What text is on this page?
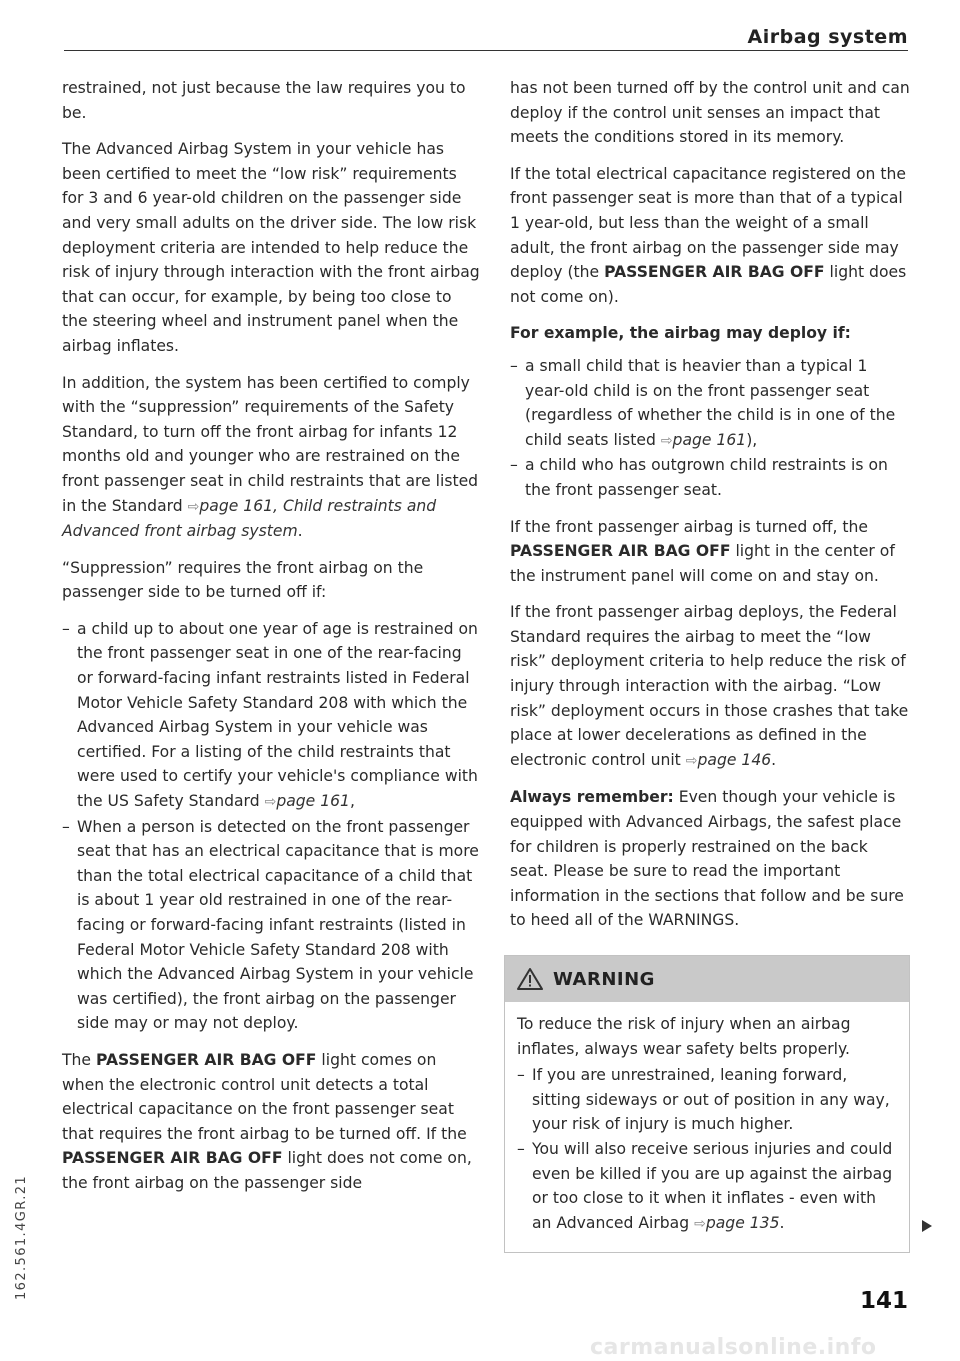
Airbag system

restrained, not just because the law requires you to be.

The Advanced Airbag System in your vehicle has been certified to meet the “low risk” requirements for 3 and 6 year-old children on the passenger side and very small adults on the driver side. The low risk deployment criteria are intended to help reduce the risk of injury through interaction with the front airbag that can occur, for example, by being too close to the steering wheel and instrument panel when the airbag inflates.

In addition, the system has been certified to comply with the “suppression” requirements of the Safety Standard, to turn off the front airbag for infants 12 months old and younger who are restrained on the front passenger seat in child restraints that are listed in the Standard ⇨page 161, Child restraints and Advanced front airbag system.

“Suppression” requires the front airbag on the passenger side to be turned off if:

– a child up to about one year of age is restrained on the front passenger seat in one of the rear-facing or forward-facing infant restraints listed in Federal Motor Vehicle Safety Standard 208 with which the Advanced Airbag System in your vehicle was certified. For a listing of the child restraints that were used to certify your vehicle's compliance with the US Safety Standard ⇨page 161,
– When a person is detected on the front passenger seat that has an electrical capacitance that is more than the total electrical capacitance of a child that is about 1 year old restrained in one of the rear-facing or forward-facing infant restraints (listed in Federal Motor Vehicle Safety Standard 208 with which the Advanced Airbag System in your vehicle was certified), the front airbag on the passenger side may or may not deploy.

The PASSENGER AIR BAG OFF light comes on when the electronic control unit detects a total electrical capacitance on the front passenger seat that requires the front airbag to be turned off. If the PASSENGER AIR BAG OFF light does not come on, the front airbag on the passenger side

has not been turned off by the control unit and can deploy if the control unit senses an impact that meets the conditions stored in its memory.

If the total electrical capacitance registered on the front passenger seat is more than that of a typical 1 year-old, but less than the weight of a small adult, the front airbag on the passenger side may deploy (the PASSENGER AIR BAG OFF light does not come on).

For example, the airbag may deploy if:

– a small child that is heavier than a typical 1 year-old child is on the front passenger seat (regardless of whether the child is in one of the child seats listed ⇨page 161),
– a child who has outgrown child restraints is on the front passenger seat.

If the front passenger airbag is turned off, the PASSENGER AIR BAG OFF light in the center of the instrument panel will come on and stay on.

If the front passenger airbag deploys, the Federal Standard requires the airbag to meet the “low risk” deployment criteria to help reduce the risk of injury through interaction with the airbag. “Low risk” deployment occurs in those crashes that take place at lower decelerations as defined in the electronic control unit ⇨page 146.

Always remember: Even though your vehicle is equipped with Advanced Airbags, the safest place for children is properly restrained on the back seat. Please be sure to read the important information in the sections that follow and be sure to heed all of the WARNINGS.

WARNING

To reduce the risk of injury when an airbag inflates, always wear safety belts properly.

– If you are unrestrained, leaning forward, sitting sideways or out of position in any way, your risk of injury is much higher.
– You will also receive serious injuries and could even be killed if you are up against the airbag or too close to it when it inflates - even with an Advanced Airbag ⇨page 135.
141
162.561.4GR.21
carmanualsonline.info
